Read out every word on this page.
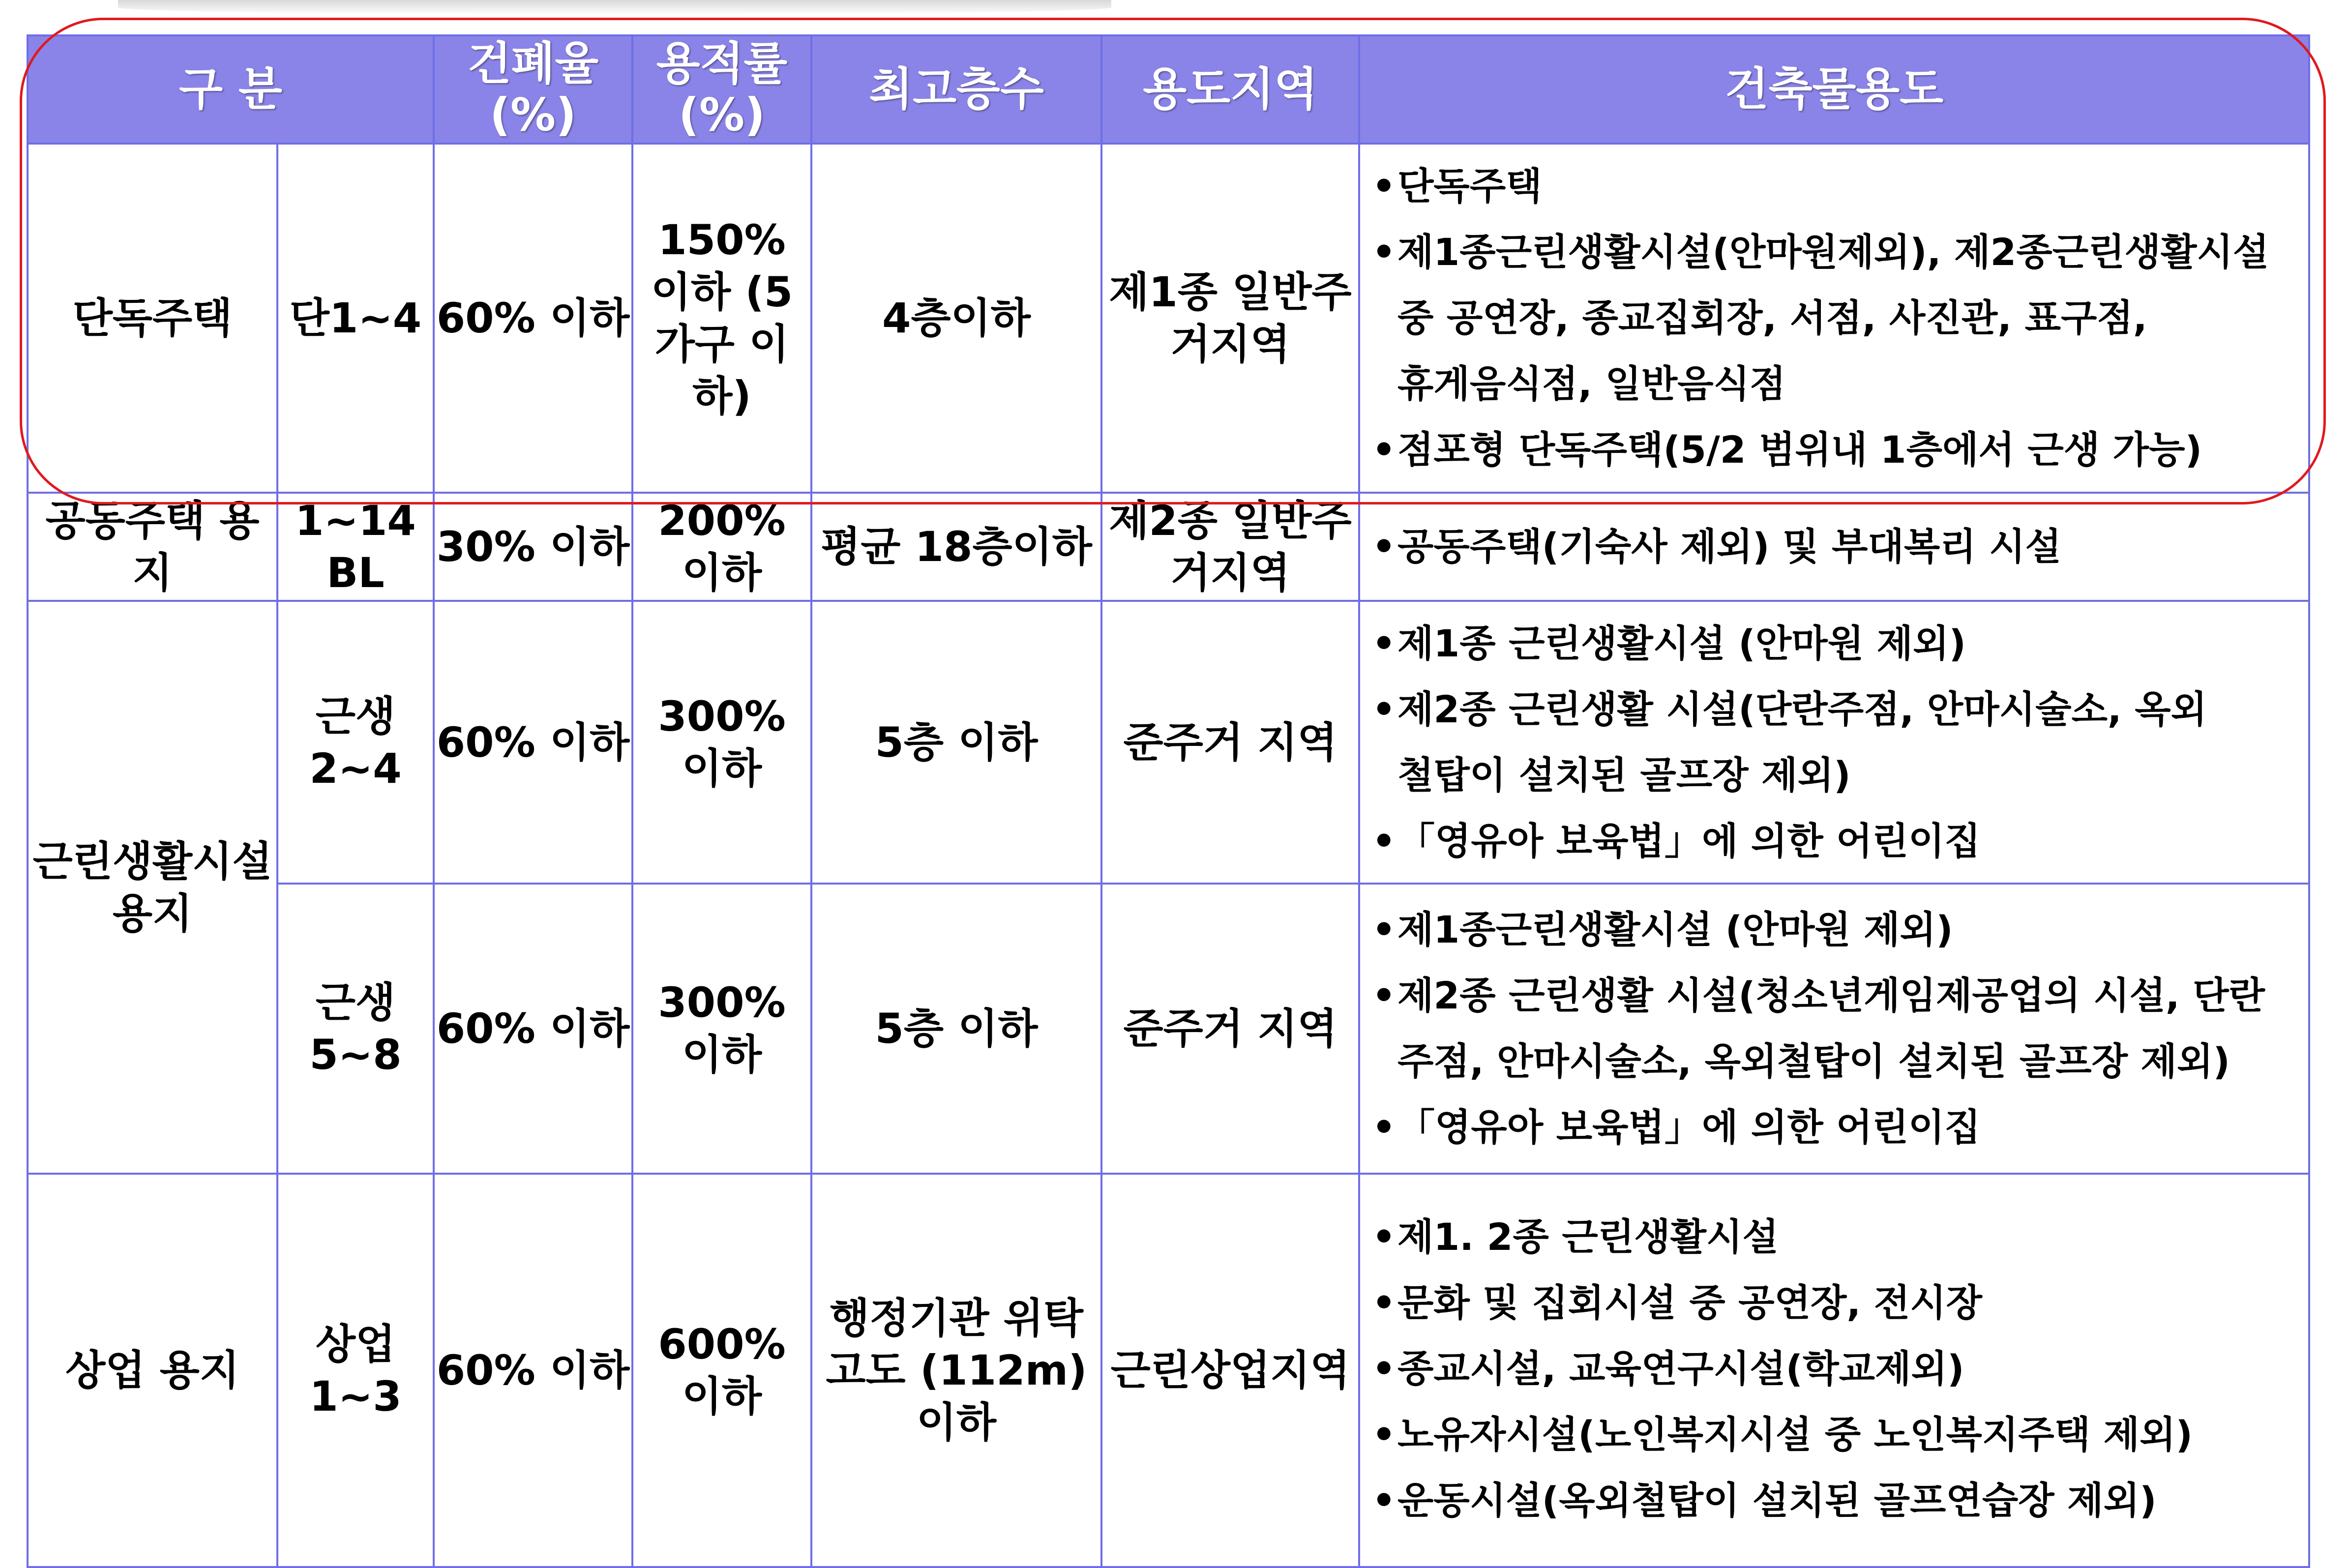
구 분		건폐율 (%)	용적률 (%)	최고층수	용도지역	건축물용도
단독주택	단1~4	60% 이하	150% 이하 (5가구 이하)	4층이하	제1종 일반주거지역	•단독주택
•제1종근린생활시설(안마원제외), 제2종근린생활시설
중 공연장, 종교집회장, 서점, 사진관, 표구점,
휴게음식점, 일반음식점
•점포형 단독주택(5/2 범위내 1층에서 근생 가능)

공동주택 용지	1~14 BL	30% 이하	200% 이하	평균 18층이하	제2종 일반주거지역	•공동주택(기숙사 제외) 및 부대복리 시설

근린생활시설 용지	근생 2~4	60% 이하	300% 이하	5층 이하	준주거 지역	•제1종 근린생활시설 (안마원 제외)
•제2종 근린생활 시설(단란주점, 안마시술소, 옥외
철탑이 설치된 골프장 제외)
•「영유아 보육법」에 의한 어린이집

	근생 5~8	60% 이하	300% 이하	5층 이하	준주거 지역	•제1종근린생활시설 (안마원 제외)
•제2종 근린생활 시설(청소년게임제공업의 시설, 단란
주점, 안마시술소, 옥외철탑이 설치된 골프장 제외)
•「영유아 보육법」에 의한 어린이집

상업 용지	상업 1~3	60% 이하	600% 이하	행정기관 위탁고도 (112m) 이하	근린상업지역	•제1. 2종 근린생활시설
•문화 및 집회시설 중 공연장, 전시장
•종교시설, 교육연구시설(학교제외)
•노유자시설(노인복지시설 중 노인복지주택 제외)
•운동시설(옥외철탑이 설치된 골프연습장 제외)
